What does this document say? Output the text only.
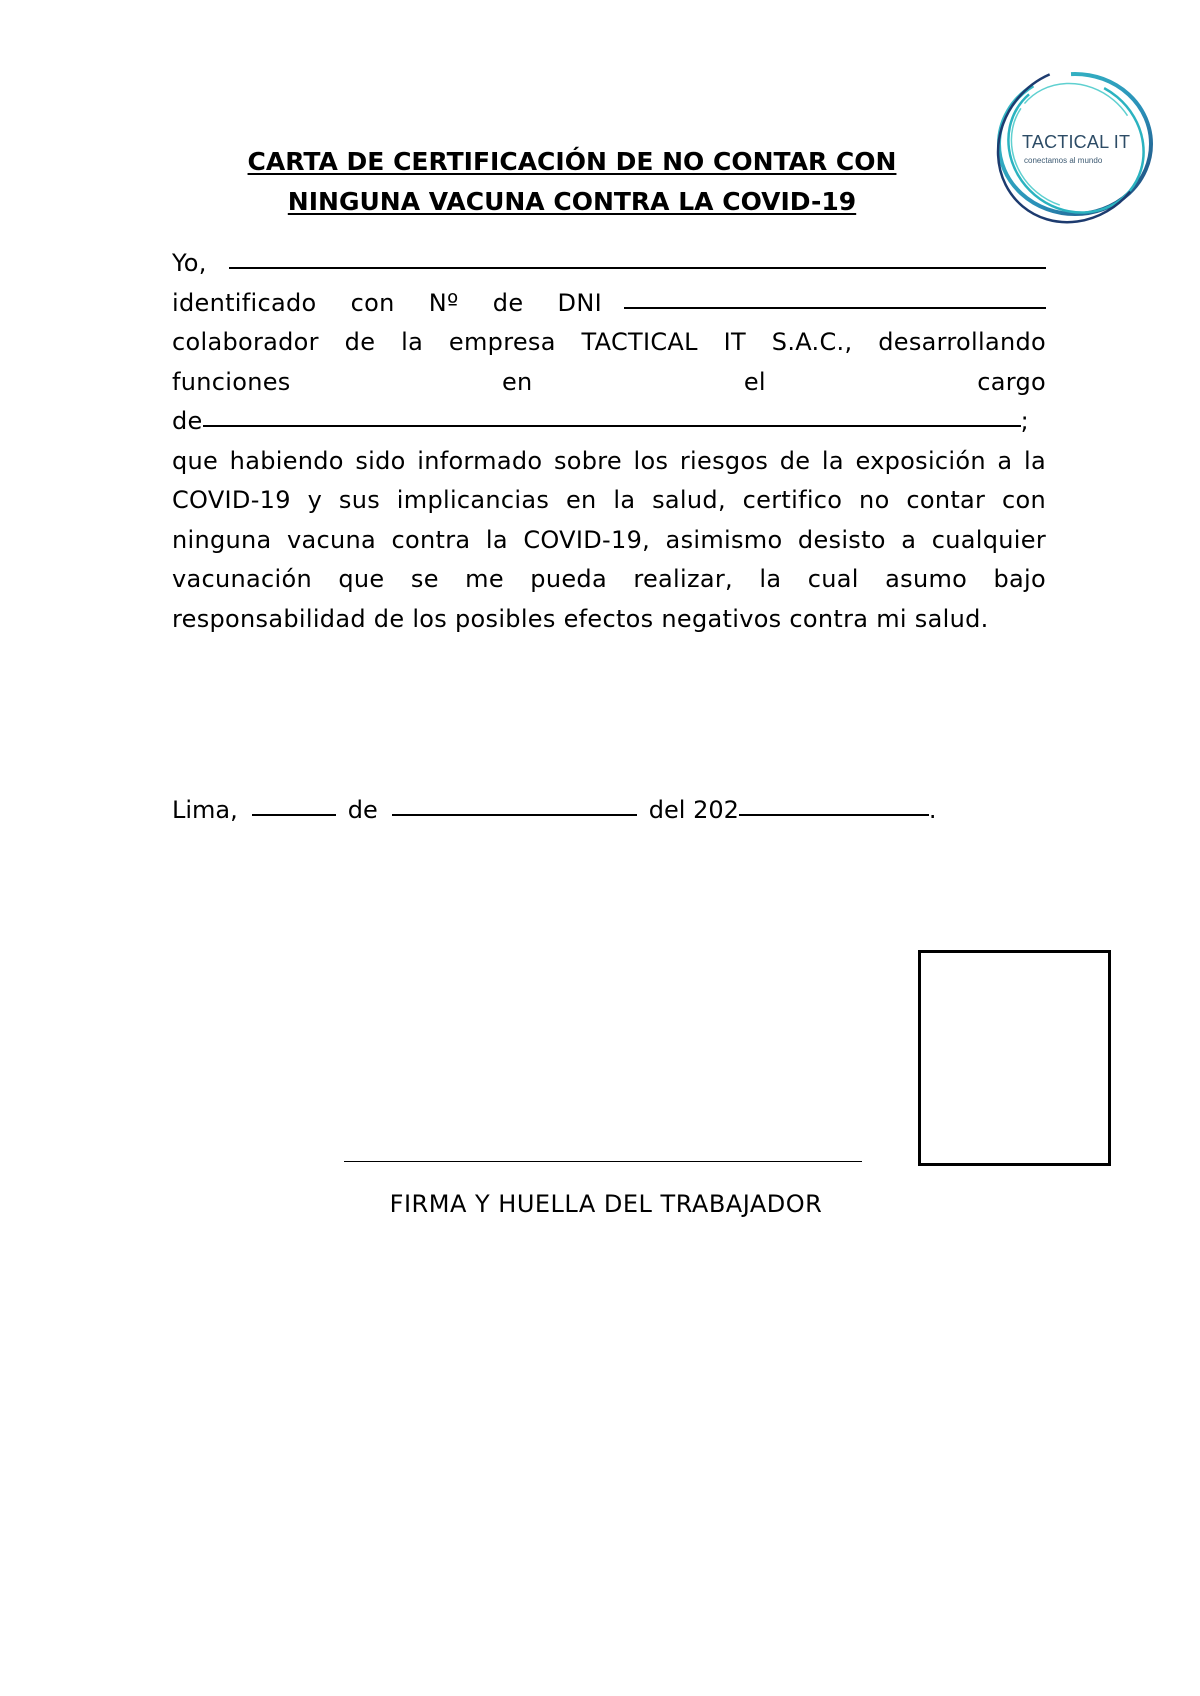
TACTICAL IT
conectamos al mundo
CARTA DE CERTIFICACIÓN DE NO CONTAR CON
NINGUNA VACUNA CONTRA LA COVID-19
Yo,
identificado con Nº de DNI
colaborador de la empresa TACTICAL IT S.A.C., desarrollando
funciones	en	el	cargo
de	;
que habiendo sido informado sobre los riesgos de la exposición a la COVID-19 y sus implicancias en la salud, certifico no contar con ninguna vacuna contra la COVID-19, asimismo desisto a cualquier vacunación que se me pueda realizar, la cual asumo bajo responsabilidad de los posibles efectos negativos contra mi salud.
Lima,	de	del 202	.
FIRMA Y HUELLA DEL TRABAJADOR
